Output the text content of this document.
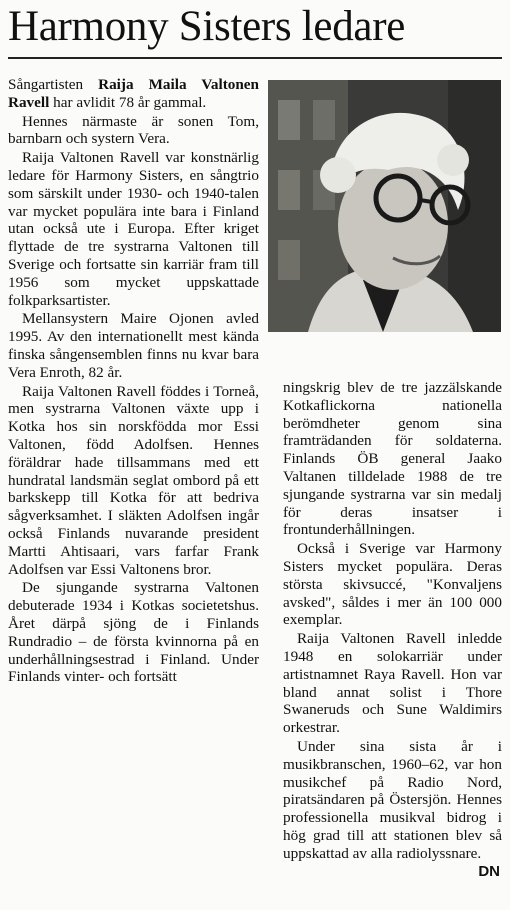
Harmony Sisters ledare

Sångartisten Raija Maila Valtonen Ravell har avlidit 78 år gammal.

Hennes närmaste är sonen Tom, barnbarn och systern Vera.

Raija Valtonen Ravell var konstnärlig ledare för Harmony Sisters, en sångtrio som särskilt under 1930- och 1940-talen var mycket populära inte bara i Finland utan också ute i Europa. Efter kriget flyttade de tre systrarna Valtonen till Sverige och fortsatte sin karriär fram till 1956 som mycket uppskattade folkparksartister.

Mellansystern Maire Ojonen avled 1995. Av den internationellt mest kända finska sångensemblen finns nu kvar bara Vera Enroth, 82 år.

Raija Valtonen Ravell föddes i Torneå, men systrarna Valtonen växte upp i Kotka hos sin norskfödda mor Essi Valtonen, född Adolfsen. Hennes föräldrar hade tillsammans med ett hundratal landsmän seglat ombord på ett barkskepp till Kotka för att bedriva sågverksamhet. I släkten Adolfsen ingår också Finlands nuvarande president Martti Ahtisaari, vars farfar Frank Adolfsen var Essi Valtonens bror.

De sjungande systrarna Valtonen debuterade 1934 i Kotkas societetshus. Året därpå sjöng de i Finlands Rundradio – de första kvinnorna på en underhållningsestrad i Finland. Under Finlands vinter- och fortsätt

ningskrig blev de tre jazzälskande Kotkaflickorna nationella berömdheter genom sina framträdanden för soldaterna. Finlands ÖB general Jaako Valtanen tilldelade 1988 de tre sjungande systrarna var sin medalj för deras insatser i frontunderhållningen.

Också i Sverige var Harmony Sisters mycket populära. Deras största skivsuccé, "Konvaljens avsked", såldes i mer än 100 000 exemplar.

Raija Valtonen Ravell inledde 1948 en solokarriär under artistnamnet Raya Ravell. Hon var bland annat solist i Thore Swaneruds och Sune Waldimirs orkestrar.

Under sina sista år i musikbranschen, 1960–62, var hon musikchef på Radio Nord, piratsändaren på Östersjön. Hennes professionella musikval bidrog i hög grad till att stationen blev så uppskattad av alla radiolyssnare.
DN
